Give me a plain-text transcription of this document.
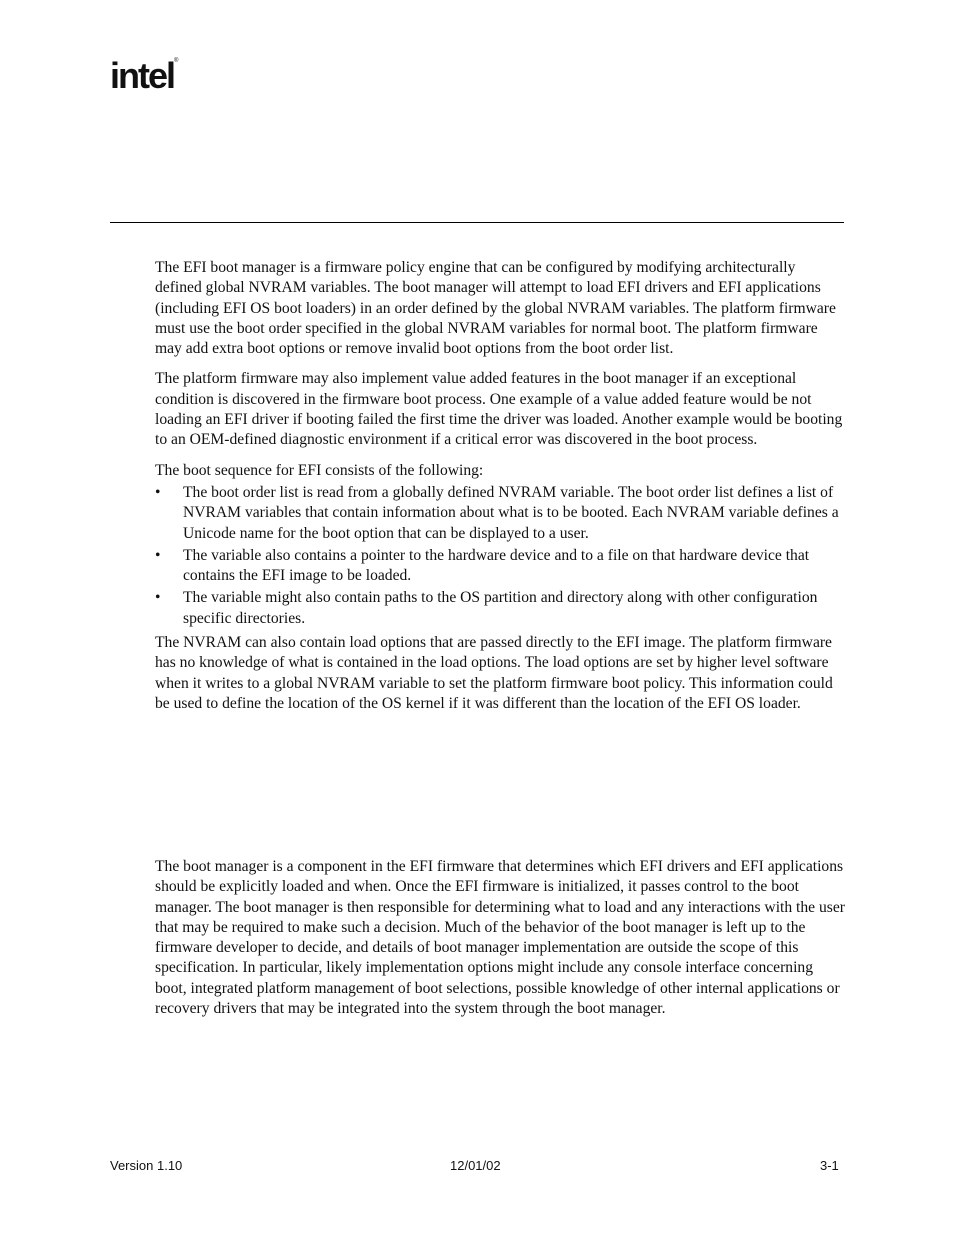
intel®

The EFI boot manager is a firmware policy engine that can be configured by modifying architecturally defined global NVRAM variables. The boot manager will attempt to load EFI drivers and EFI applications (including EFI OS boot loaders) in an order defined by the global NVRAM variables. The platform firmware must use the boot order specified in the global NVRAM variables for normal boot. The platform firmware may add extra boot options or remove invalid boot options from the boot order list.

The platform firmware may also implement value added features in the boot manager if an exceptional condition is discovered in the firmware boot process. One example of a value added feature would be not loading an EFI driver if booting failed the first time the driver was loaded. Another example would be booting to an OEM-defined diagnostic environment if a critical error was discovered in the boot process.

The boot sequence for EFI consists of the following:

• The boot order list is read from a globally defined NVRAM variable. The boot order list defines a list of NVRAM variables that contain information about what is to be booted. Each NVRAM variable defines a Unicode name for the boot option that can be displayed to a user.
• The variable also contains a pointer to the hardware device and to a file on that hardware device that contains the EFI image to be loaded.
• The variable might also contain paths to the OS partition and directory along with other configuration specific directories.

The NVRAM can also contain load options that are passed directly to the EFI image. The platform firmware has no knowledge of what is contained in the load options. The load options are set by higher level software when it writes to a global NVRAM variable to set the platform firmware boot policy. This information could be used to define the location of the OS kernel if it was different than the location of the EFI OS loader.

The boot manager is a component in the EFI firmware that determines which EFI drivers and EFI applications should be explicitly loaded and when. Once the EFI firmware is initialized, it passes control to the boot manager. The boot manager is then responsible for determining what to load and any interactions with the user that may be required to make such a decision. Much of the behavior of the boot manager is left up to the firmware developer to decide, and details of boot manager implementation are outside the scope of this specification. In particular, likely implementation options might include any console interface concerning boot, integrated platform management of boot selections, possible knowledge of other internal applications or recovery drivers that may be integrated into the system through the boot manager.

Version 1.10	12/01/02	3-1
